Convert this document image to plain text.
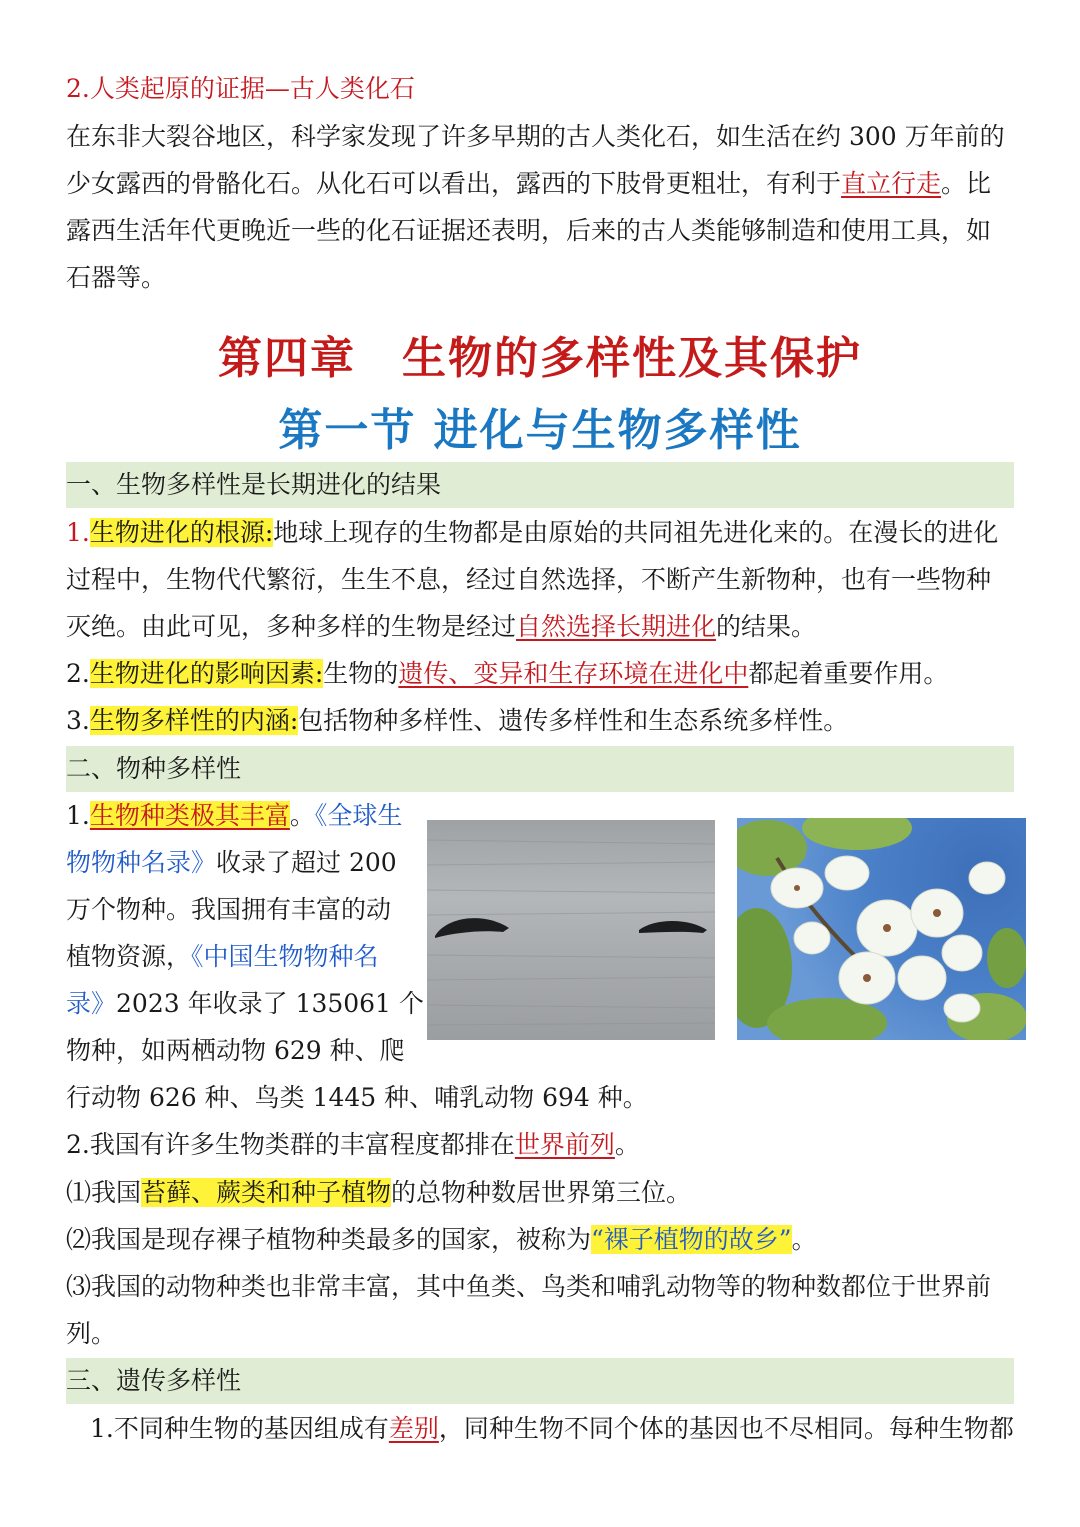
2.人类起原的证据—古人类化石
在东非大裂谷地区，科学家发现了许多早期的古人类化石，如生活在约 300 万年前的
少女露西的骨骼化石。从化石可以看出，露西的下肢骨更粗壮，有利于直立行走。比
露西生活年代更晚近一些的化石证据还表明，后来的古人类能够制造和使用工具，如
石器等。
第四章 生物的多样性及其保护
第一节 进化与生物多样性
一、生物多样性是长期进化的结果
1.生物进化的根源:地球上现存的生物都是由原始的共同祖先进化来的。在漫长的进化
过程中，生物代代繁衍，生生不息，经过自然选择，不断产生新物种，也有一些物种
灭绝。由此可见，多种多样的生物是经过自然选择长期进化的结果。
2.生物进化的影响因素:生物的遗传、变异和生存环境在进化中都起着重要作用。
3.生物多样性的内涵:包括物种多样性、遗传多样性和生态系统多样性。
二、物种多样性
1.生物种类极其丰富。《全球生
物物种名录》收录了超过 200
万个物种。我国拥有丰富的动
植物资源，《中国生物物种名
录》2023 年收录了 135061 个
物种，如两栖动物 629 种、爬
行动物 626 种、鸟类 1445 种、哺乳动物 694 种。
2.我国有许多生物类群的丰富程度都排在世界前列。
⑴我国苔藓、蕨类和种子植物的总物种数居世界第三位。
⑵我国是现存裸子植物种类最多的国家，被称为“裸子植物的故乡”。
⑶我国的动物种类也非常丰富，其中鱼类、鸟类和哺乳动物等的物种数都位于世界前
列。
三、遗传多样性
1.不同种生物的基因组成有差别，同种生物不同个体的基因也不尽相同。每种生物都
